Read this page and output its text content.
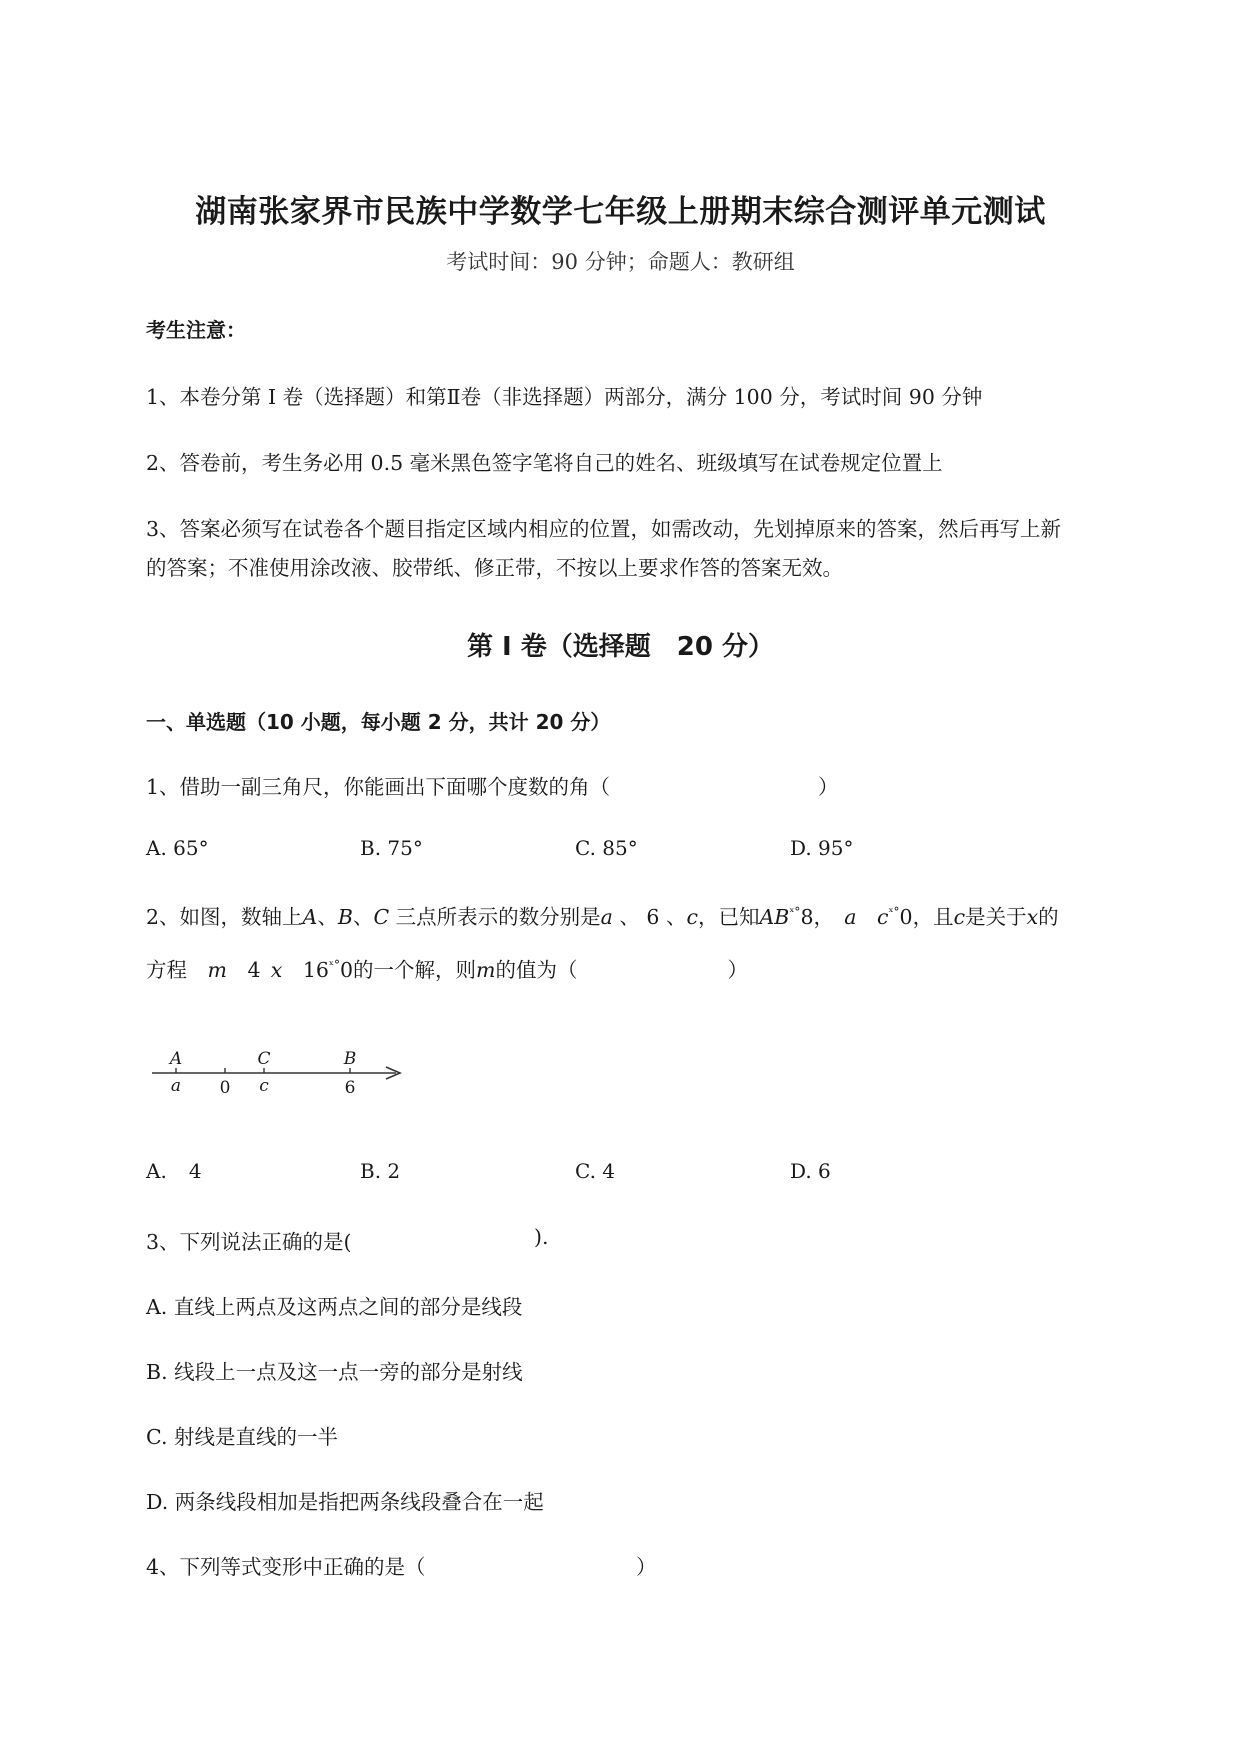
湖南张家界市民族中学数学七年级上册期末综合测评单元测试
考试时间：90 分钟；命题人：教研组
考生注意：
1、本卷分第 I 卷（选择题）和第Ⅱ卷（非选择题）两部分，满分 100 分，考试时间 90 分钟
2、答卷前，考生务必用 0.5 毫米黑色签字笔将自己的姓名、班级填写在试卷规定位置上
3、答案必须写在试卷各个题目指定区域内相应的位置，如需改动，先划掉原来的答案，然后再写上新
的答案；不准使用涂改液、胶带纸、修正带，不按以上要求作答的答案无效。
第 I 卷（选择题　20 分）
一、单选题（10 小题，每小题 2 分，共计 20 分）
1、借助一副三角尺，你能画出下面哪个度数的角（	）
A. 65°	B. 75°	C. 85°	D. 95°
2、如图，数轴上A、B、C 三点所表示的数分别是a 、 6 、c，已知$AB^{ˣ^\circ}8$，  a  $c^{ˣ^\circ}0$，且c是关于x的
方程  m  4  x  $16^{ˣ^\circ}0$的一个解，则m的值为（	）
A
a 0
C
c
B
6
A. 4	B. 2	C. 4	D. 6
3、下列说法正确的是(	).
A. 直线上两点及这两点之间的部分是线段
B. 线段上一点及这一点一旁的部分是射线
C. 射线是直线的一半
D. 两条线段相加是指把两条线段叠合在一起
4、下列等式变形中正确的是（	）
